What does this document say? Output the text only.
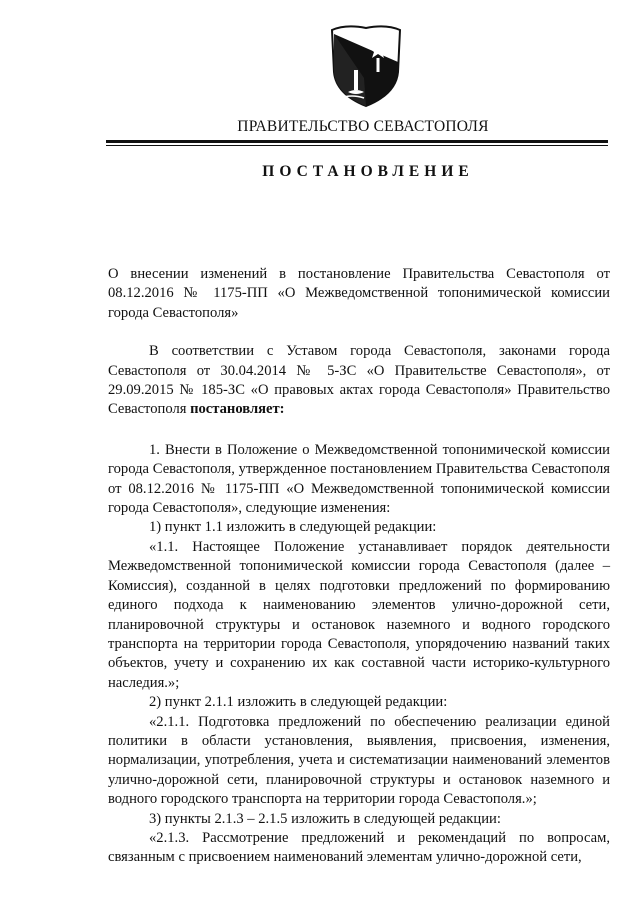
ПРАВИТЕЛЬСТВО СЕВАСТОПОЛЯ
ПОСТАНОВЛЕНИЕ

О внесении изменений в постановление Правительства Севастополя от 08.12.2016 № 1175-ПП «О Межведомственной топонимической комиссии города Севастополя»

В соответствии с Уставом города Севастополя, законами города Севастополя от 30.04.2014 № 5-ЗС «О Правительстве Севастополя», от 29.09.2015 № 185-ЗС «О правовых актах города Севастополя» Правительство Севастополя постановляет:

1. Внести в Положение о Межведомственной топонимической комиссии города Севастополя, утвержденное постановлением Правительства Севастополя от 08.12.2016 № 1175-ПП «О Межведомственной топонимической комиссии города Севастополя», следующие изменения:

1) пункт 1.1 изложить в следующей редакции:

«1.1. Настоящее Положение устанавливает порядок деятельности Межведомственной топонимической комиссии города Севастополя (далее – Комиссия), созданной в целях подготовки предложений по формированию единого подхода к наименованию элементов улично-дорожной сети, планировочной структуры и остановок наземного и водного городского транспорта на территории города Севастополя, упорядочению названий таких объектов, учету и сохранению их как составной части историко-культурного наследия.»;

2) пункт 2.1.1 изложить в следующей редакции:

«2.1.1. Подготовка предложений по обеспечению реализации единой политики в области установления, выявления, присвоения, изменения, нормализации, употребления, учета и систематизации наименований элементов улично-дорожной сети, планировочной структуры и остановок наземного и водного городского транспорта на территории города Севастополя.»;

3) пункты 2.1.3 – 2.1.5 изложить в следующей редакции:

«2.1.3. Рассмотрение предложений и рекомендаций по вопросам, связанным с присвоением наименований элементам улично-дорожной сети,
